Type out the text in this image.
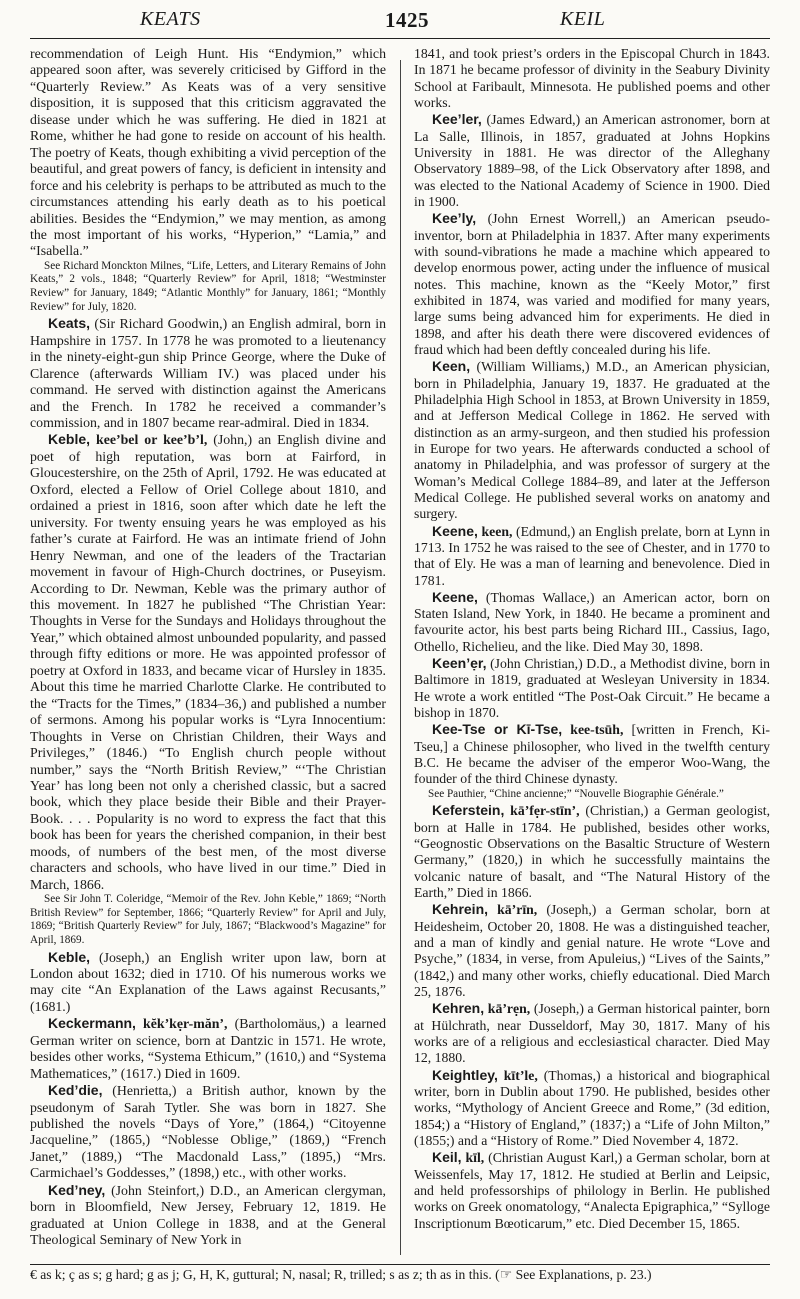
KEATS	1425	KEIL

recommendation of Leigh Hunt. His “Endymion,” which appeared soon after, was severely criticised by Gifford in the “Quarterly Review.” As Keats was of a very sensitive disposition, it is supposed that this criticism aggravated the disease under which he was suffering. He died in 1821 at Rome, whither he had gone to reside on account of his health. The poetry of Keats, though exhibiting a vivid perception of the beautiful, and great powers of fancy, is deficient in intensity and force and his celebrity is perhaps to be attributed as much to the circumstances attending his early death as to his poetical abilities. Besides the “Endymion,” we may mention, as among the most important of his works, “Hyperion,” “Lamia,” and “Isabella.”

See Richard Monckton Milnes, “Life, Letters, and Literary Remains of John Keats,” 2 vols., 1848; “Quarterly Review” for April, 1818; “Westminster Review” for January, 1849; “Atlantic Monthly” for January, 1861; “Monthly Review” for July, 1820.

Keats, (Sir Richard Goodwin,) an English admiral, born in Hampshire in 1757. In 1778 he was promoted to a lieutenancy in the ninety-eight-gun ship Prince George, where the Duke of Clarence (afterwards William IV.) was placed under his command. He served with distinction against the Americans and the French. In 1782 he received a commander’s commission, and in 1807 became rear-admiral. Died in 1834.

Keble, kee’bel or kee’b’l, (John,) an English divine and poet of high reputation, was born at Fairford, in Gloucestershire, on the 25th of April, 1792. He was educated at Oxford, elected a Fellow of Oriel College about 1810, and ordained a priest in 1816, soon after which date he left the university. For twenty ensuing years he was employed as his father’s curate at Fairford. He was an intimate friend of John Henry Newman, and one of the leaders of the Tractarian movement in favour of High-Church doctrines, or Puseyism. According to Dr. Newman, Keble was the primary author of this movement. In 1827 he published “The Christian Year: Thoughts in Verse for the Sundays and Holidays throughout the Year,” which obtained almost unbounded popularity, and passed through fifty editions or more. He was appointed professor of poetry at Oxford in 1833, and became vicar of Hursley in 1835. About this time he married Charlotte Clarke. He contributed to the “Tracts for the Times,” (1834–36,) and published a number of sermons. Among his popular works is “Lyra Innocentium: Thoughts in Verse on Christian Children, their Ways and Privileges,” (1846.) “To English church people without number,” says the “North British Review,” “‘The Christian Year’ has long been not only a cherished classic, but a sacred book, which they place beside their Bible and their Prayer-Book. . . . Popularity is no word to express the fact that this book has been for years the cherished companion, in their best moods, of numbers of the best men, of the most diverse characters and schools, who have lived in our time.” Died in March, 1866.

See Sir John T. Coleridge, “Memoir of the Rev. John Keble,” 1869; “North British Review” for September, 1866; “Quarterly Review” for April and July, 1869; “British Quarterly Review” for July, 1867; “Blackwood’s Magazine” for April, 1869.

Keble, (Joseph,) an English writer upon law, born at London about 1632; died in 1710. Of his numerous works we may cite “An Explanation of the Laws against Recusants,” (1681.)

Keckermann, kĕk’kẹr-măn’, (Bartholomäus,) a learned German writer on science, born at Dantzic in 1571. He wrote, besides other works, “Systema Ethicum,” (1610,) and “Systema Mathematices,” (1617.) Died in 1609.

Ked’die, (Henrietta,) a British author, known by the pseudonym of Sarah Tytler. She was born in 1827. She published the novels “Days of Yore,” (1864,) “Citoyenne Jacqueline,” (1865,) “Noblesse Oblige,” (1869,) “French Janet,” (1889,) “The Macdonald Lass,” (1895,) “Mrs. Carmichael’s Goddesses,” (1898,) etc., with other works.

Ked’ney, (John Steinfort,) D.D., an American clergyman, born in Bloomfield, New Jersey, February 12, 1819. He graduated at Union College in 1838, and at the General Theological Seminary of New York in

1841, and took priest’s orders in the Episcopal Church in 1843. In 1871 he became professor of divinity in the Seabury Divinity School at Faribault, Minnesota. He published poems and other works.

Kee’ler, (James Edward,) an American astronomer, born at La Salle, Illinois, in 1857, graduated at Johns Hopkins University in 1881. He was director of the Alleghany Observatory 1889–98, of the Lick Observatory after 1898, and was elected to the National Academy of Science in 1900. Died in 1900.

Kee’ly, (John Ernest Worrell,) an American pseudo-inventor, born at Philadelphia in 1837. After many experiments with sound-vibrations he made a machine which appeared to develop enormous power, acting under the influence of musical notes. This machine, known as the “Keely Motor,” first exhibited in 1874, was varied and modified for many years, large sums being advanced him for experiments. He died in 1898, and after his death there were discovered evidences of fraud which had been deftly concealed during his life.

Keen, (William Williams,) M.D., an American physician, born in Philadelphia, January 19, 1837. He graduated at the Philadelphia High School in 1853, at Brown University in 1859, and at Jefferson Medical College in 1862. He served with distinction as an army-surgeon, and then studied his profession in Europe for two years. He afterwards conducted a school of anatomy in Philadelphia, and was professor of surgery at the Woman’s Medical College 1884–89, and later at the Jefferson Medical College. He published several works on anatomy and surgery.

Keene, keen, (Edmund,) an English prelate, born at Lynn in 1713. In 1752 he was raised to the see of Chester, and in 1770 to that of Ely. He was a man of learning and benevolence. Died in 1781.

Keene, (Thomas Wallace,) an American actor, born on Staten Island, New York, in 1840. He became a prominent and favourite actor, his best parts being Richard III., Cassius, Iago, Othello, Richelieu, and the like. Died May 30, 1898.

Keen’ẹr, (John Christian,) D.D., a Methodist divine, born in Baltimore in 1819, graduated at Wesleyan University in 1834. He wrote a work entitled “The Post-Oak Circuit.” He became a bishop in 1870.

Kee-Tse or Kī-Tse, kee-tsūh, [written in French, Ki-Tseu,] a Chinese philosopher, who lived in the twelfth century B.C. He became the adviser of the emperor Woo-Wang, the founder of the third Chinese dynasty.

See Pauthier, “Chine ancienne;” “Nouvelle Biographie Générale.”

Keferstein, kā’fẹr-stīn’, (Christian,) a German geologist, born at Halle in 1784. He published, besides other works, “Geognostic Observations on the Basaltic Structure of Western Germany,” (1820,) in which he successfully maintains the volcanic nature of basalt, and “The Natural History of the Earth,” Died in 1866.

Kehrein, kā’rīn, (Joseph,) a German scholar, born at Heidesheim, October 20, 1808. He was a distinguished teacher, and a man of kindly and genial nature. He wrote “Love and Psyche,” (1834, in verse, from Apuleius,) “Lives of the Saints,” (1842,) and many other works, chiefly educational. Died March 25, 1876.

Kehren, kā’rẹn, (Joseph,) a German historical painter, born at Hülchrath, near Dusseldorf, May 30, 1817. Many of his works are of a religious and ecclesiastical character. Died May 12, 1880.

Keightley, kīt’le, (Thomas,) a historical and biographical writer, born in Dublin about 1790. He published, besides other works, “Mythology of Ancient Greece and Rome,” (3d edition, 1854;) a “History of England,” (1837;) a “Life of John Milton,” (1855;) and a “History of Rome.” Died November 4, 1872.

Keil, kīl, (Christian August Karl,) a German scholar, born at Weissenfels, May 17, 1812. He studied at Berlin and Leipsic, and held professorships of philology in Berlin. He published works on Greek onomatology, “Analecta Epigraphica,” “Sylloge Inscriptionum Bœoticarum,” etc. Died December 15, 1865.

€ as k; ç as s; g hard; g as j; G, H, K, guttural; N, nasal; R, trilled; s as z; th as in this. (☞ See Explanations, p. 23.)
